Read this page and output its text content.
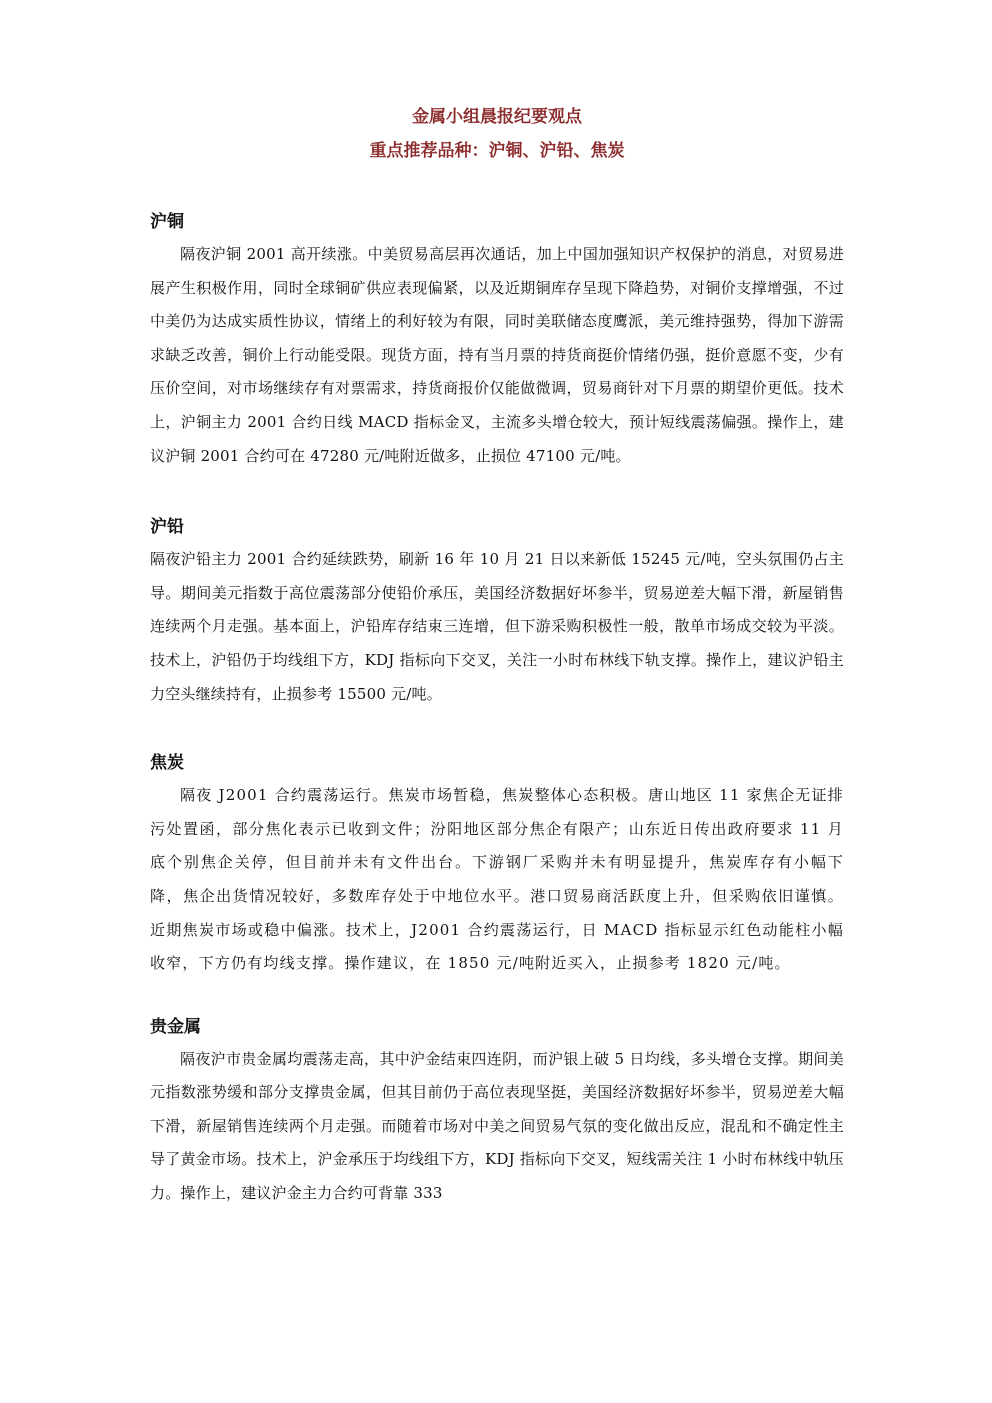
金属小组晨报纪要观点

重点推荐品种：沪铜、沪铅、焦炭

沪铜

隔夜沪铜 2001 高开续涨。中美贸易高层再次通话，加上中国加强知识产权保护的消息，对贸易进展产生积极作用，同时全球铜矿供应表现偏紧，以及近期铜库存呈现下降趋势，对铜价支撑增强，不过中美仍为达成实质性协议，情绪上的利好较为有限，同时美联储态度鹰派，美元维持强势，得加下游需求缺乏改善，铜价上行动能受限。现货方面，持有当月票的持货商挺价情绪仍强，挺价意愿不变，少有压价空间，对市场继续存有对票需求，持货商报价仅能做微调，贸易商针对下月票的期望价更低。技术上，沪铜主力 2001 合约日线 MACD 指标金叉，主流多头增仓较大，预计短线震荡偏强。操作上，建议沪铜 2001 合约可在 47280 元/吨附近做多，止损位 47100 元/吨。

沪铅

隔夜沪铅主力 2001 合约延续跌势，刷新 16 年 10 月 21 日以来新低 15245 元/吨，空头氛围仍占主导。期间美元指数于高位震荡部分使铅价承压，美国经济数据好坏参半，贸易逆差大幅下滑，新屋销售连续两个月走强。基本面上，沪铅库存结束三连增，但下游采购积极性一般，散单市场成交较为平淡。技术上，沪铅仍于均线组下方，KDJ 指标向下交叉，关注一小时布林线下轨支撑。操作上，建议沪铅主力空头继续持有，止损参考 15500 元/吨。

焦炭

隔夜 J2001 合约震荡运行。焦炭市场暂稳，焦炭整体心态积极。唐山地区 11 家焦企无证排污处置函，部分焦化表示已收到文件；汾阳地区部分焦企有限产；山东近日传出政府要求 11 月底个别焦企关停，但目前并未有文件出台。下游钢厂采购并未有明显提升，焦炭库存有小幅下降，焦企出货情况较好，多数库存处于中地位水平。港口贸易商活跃度上升，但采购依旧谨慎。近期焦炭市场或稳中偏涨。技术上，J2001 合约震荡运行，日 MACD 指标显示红色动能柱小幅收窄，下方仍有均线支撑。操作建议，在 1850 元/吨附近买入，止损参考 1820 元/吨。

贵金属

隔夜沪市贵金属均震荡走高，其中沪金结束四连阴，而沪银上破 5 日均线，多头增仓支撑。期间美元指数涨势缓和部分支撑贵金属，但其目前仍于高位表现坚挺，美国经济数据好坏参半，贸易逆差大幅下滑，新屋销售连续两个月走强。而随着市场对中美之间贸易气氛的变化做出反应，混乱和不确定性主导了黄金市场。技术上，沪金承压于均线组下方，KDJ 指标向下交叉，短线需关注 1 小时布林线中轨压力。操作上，建议沪金主力合约可背靠 333
